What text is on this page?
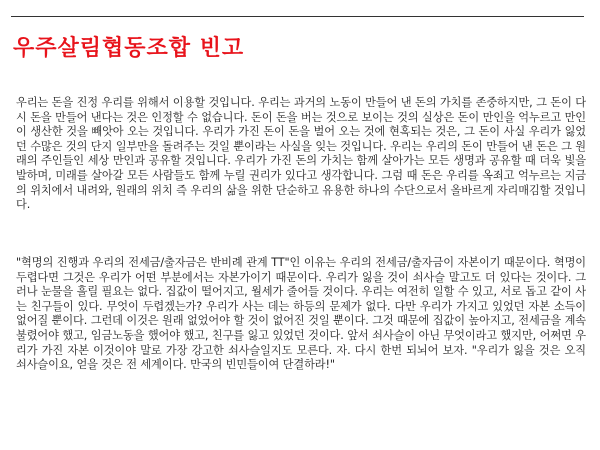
우주살림협동조합 빈고

우리는 돈을 진정 우리를 위해서 이용할 것입니다. 우리는 과거의 노동이 만들어 낸 돈의 가치를 존중하지만, 그 돈이 다시 돈을 만들어 낸다는 것은 인정할 수 없습니다. 돈이 돈을 버는 것으로 보이는 것의 실상은 돈이 만인을 억누르고 만인이 생산한 것을 빼앗아 오는 것입니다. 우리가 가진 돈이 돈을 벌어 오는 것에 현혹되는 것은, 그 돈이 사실 우리가 잃었던 수많은 것의 단지 일부만을 돌려주는 것일 뿐이라는 사실을 잊는 것입니다. 우리는 우리의 돈이 만들어 낸 돈은 그 원래의 주인들인 세상 만인과 공유할 것입니다. 우리가 가진 돈의 가치는 함께 살아가는 모든 생명과 공유할 때 더욱 빛을 발하며, 미래를 살아갈 모든 사람들도 함께 누릴 권리가 있다고 생각합니다. 그럼 때 돈은 우리를 옥죄고 억누르는 지금의 위치에서 내려와, 원래의 위치 즉 우리의 삶을 위한 단순하고 유용한 하나의 수단으로서 올바르게 자리매김할 것입니다.

"혁명의 진행과 우리의 전세금/출자금은 반비례 관계 TT"인 이유는 우리의 전세금/출자금이 자본이기 때문이다. 혁명이 두렵다면 그것은 우리가 어떤 부분에서는 자본가이기 때문이다. 우리가 잃을 것이 쇠사슬 말고도 더 있다는 것이다. 그러나 눈물을 흘릴 필요는 없다. 집값이 떨어지고, 월세가 줄어들 것이다. 우리는 여전히 일할 수 있고, 서로 돕고 같이 사는 친구들이 있다. 무엇이 두렵겠는가? 우리가 사는 데는 하등의 문제가 없다. 다만 우리가 가지고 있었던 자본 소득이 없어질 뿐이다. 그런데 이것은 원래 없었어야 할 것이 없어진 것일 뿐이다. 그것 때문에 집값이 높아지고, 전세금을 계속 불렸어야 했고, 임금노동을 했어야 했고, 친구를 잃고 있었던 것이다. 앞서 쇠사슬이 아닌 무엇이라고 했지만, 어쩌면 우리가 가진 자본 이것이야 말로 가장 강고한 쇠사슬일지도 모른다. 자. 다시 한번 되뇌어 보자. "우리가 잃을 것은 오직 쇠사슬이요, 얻을 것은 전 세계이다. 만국의 빈민들이여 단결하라!"
